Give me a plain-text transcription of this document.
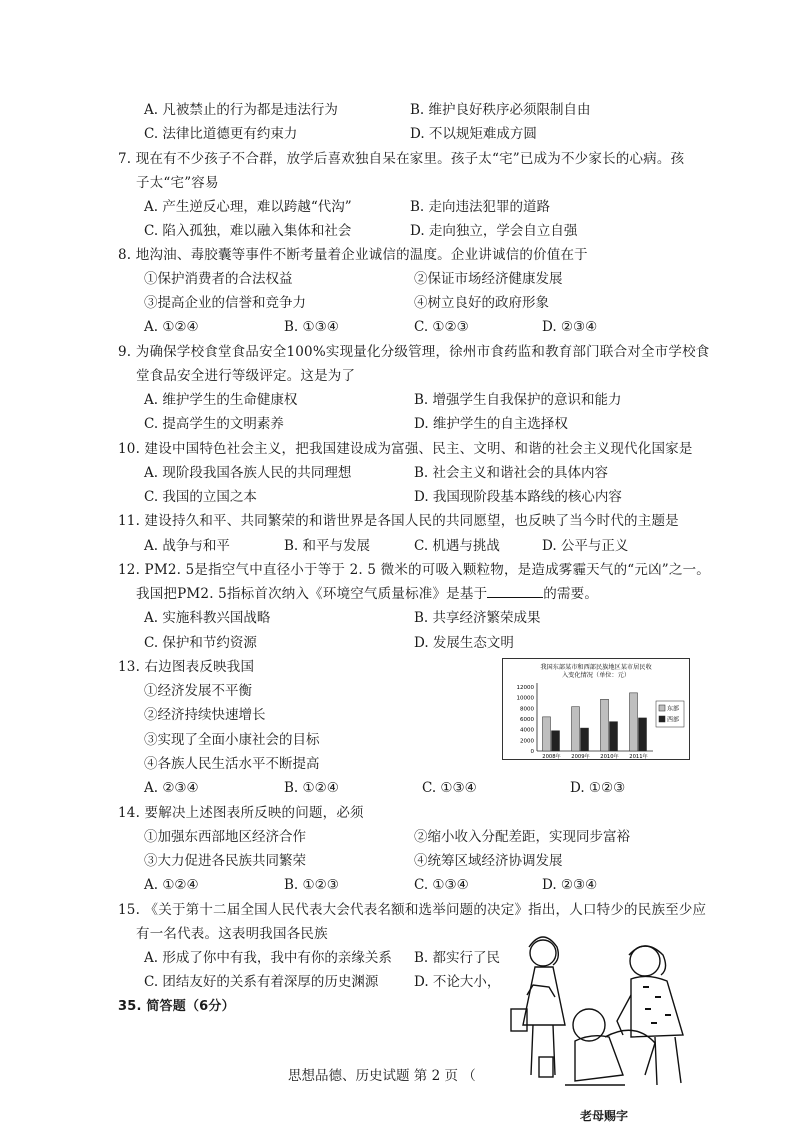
A. 凡被禁止的行为都是违法行为	B. 维护良好秩序必须限制自由
C. 法律比道德更有约束力	D. 不以规矩难成方圆
7. 现在有不少孩子不合群，放学后喜欢独自呆在家里。孩子太“宅”已成为不少家长的心病。孩
子太“宅”容易
A. 产生逆反心理，难以跨越“代沟”	B. 走向违法犯罪的道路
C. 陷入孤独，难以融入集体和社会	D. 走向独立，学会自立自强
8. 地沟油、毒胶囊等事件不断考量着企业诚信的温度。企业讲诚信的价值在于
①保护消费者的合法权益	②保证市场经济健康发展
③提高企业的信誉和竞争力	④树立良好的政府形象
A. ①②④	B. ①③④	C. ①②③	D. ②③④
9. 为确保学校食堂食品安全100%实现量化分级管理，徐州市食药监和教育部门联合对全市学校食
堂食品安全进行等级评定。这是为了
A. 维护学生的生命健康权	B. 增强学生自我保护的意识和能力
C. 提高学生的文明素养	D. 维护学生的自主选择权
10. 建设中国特色社会主义，把我国建设成为富强、民主、文明、和谐的社会主义现代化国家是
A. 现阶段我国各族人民的共同理想	B. 社会主义和谐社会的具体内容
C. 我国的立国之本	D. 我国现阶段基本路线的核心内容
11. 建设持久和平、共同繁荣的和谐世界是各国人民的共同愿望，也反映了当今时代的主题是
A. 战争与和平	B. 和平与发展	C. 机遇与挑战	D. 公平与正义
12. PM2. 5是指空气中直径小于等于 2. 5 微米的可吸入颗粒物，是造成雾霾天气的“元凶”之一。
我国把PM2. 5指标首次纳入《环境空气质量标准》是基于	的需要。
A. 实施科教兴国战略	B. 共享经济繁荣成果
C. 保护和节约资源	D. 发展生态文明
13. 右边图表反映我国
①经济发展不平衡
②经济持续快速增长
③实现了全面小康社会的目标
④各族人民生活水平不断提高
A. ②③④	B. ①②④	C. ①③④	D. ①②③
我国东部某市和西部民族地区某市居民收
入变化情况（单位：元）
12000
10000
8000
6000
4000
2000
0
2008年 2009年 2010年 2011年
东部
西部
14. 要解决上述图表所反映的问题，必须
①加强东西部地区经济合作	②缩小收入分配差距，实现同步富裕
③大力促进各民族共同繁荣	④统筹区域经济协调发展
A. ①②④	B. ①②③	C. ①③④	D. ②③④
15. 《关于第十二届全国人民代表大会代表名额和选举问题的决定》指出，人口特少的民族至少应
有一名代表。这表明我国各民族
A. 形成了你中有我，我中有你的亲缘关系 B. 都实行了民
C. 团结友好的关系有着深厚的历史渊源	D. 不论大小，
35. 简答题（6分）
老母赐字
思想品德、历史试题 第 2 页 （
